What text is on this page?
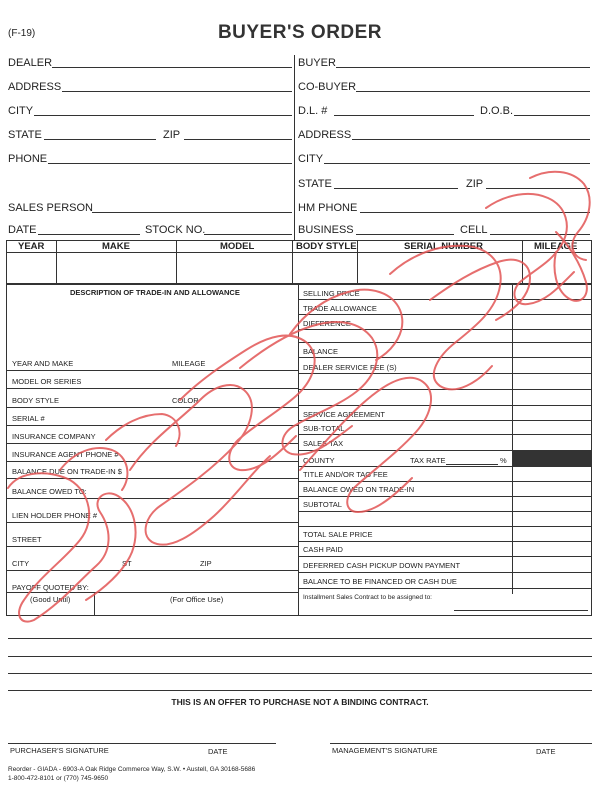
(F-19)	BUYER'S ORDER
DEALER
ADDRESS
CITY
STATE	ZIP
PHONE
SALES PERSON
DATE	STOCK NO.
BUYER
CO-BUYER
D.L. #	D.O.B.
ADDRESS
CITY
STATE	ZIP
HM PHONE
BUSINESS	CELL
YEAR	MAKE	MODEL	BODY STYLE	SERIAL NUMBER	MILEAGE
DESCRIPTION OF TRADE-IN AND ALLOWANCE
YEAR AND MAKE	MILEAGE
MODEL OR SERIES
BODY STYLE	COLOR
SERIAL #
INSURANCE COMPANY
INSURANCE AGENT PHONE #
BALANCE DUE ON TRADE-IN $
BALANCE OWED TO:
LIEN HOLDER PHONE #
STREET
CITY	ST	ZIP
PAYOFF QUOTED BY:
(Good Until)	(For Office Use)
SELLING PRICE
TRADE ALLOWANCE
DIFFERENCE
BALANCE
DEALER SERVICE FEE (S)
SERVICE AGREEMENT
SUB-TOTAL
SALES TAX
COUNTY	TAX RATE	%
TITLE AND/OR TAG FEE
BALANCE OWED ON TRADE-IN
SUBTOTAL
TOTAL SALE PRICE
CASH PAID
DEFERRED CASH PICKUP DOWN PAYMENT
BALANCE TO BE FINANCED OR CASH DUE
Installment Sales Contract to be assigned to:
THIS IS AN OFFER TO PURCHASE NOT A BINDING CONTRACT.
PURCHASER'S SIGNATURE	DATE	MANAGEMENT'S SIGNATURE	DATE
Reorder - GIADA - 6903-A Oak Ridge Commerce Way, S.W. • Austell, GA 30168-5686
1-800-472-8101 or (770) 745-9650
